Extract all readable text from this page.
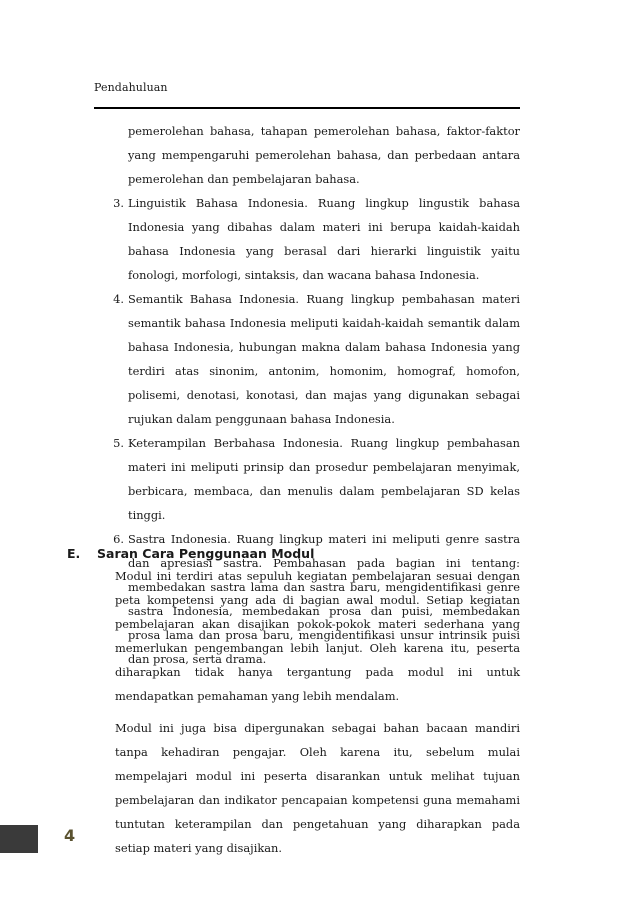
Pendahuluan
pemerolehan bahasa, tahapan pemerolehan bahasa, faktor-faktor yang mempengaruhi pemerolehan bahasa, dan perbedaan antara pemerolehan dan pembelajaran bahasa.
3. Linguistik Bahasa Indonesia. Ruang lingkup lingustik bahasa Indonesia yang dibahas dalam materi ini berupa kaidah-kaidah bahasa Indonesia yang berasal dari hierarki linguistik yaitu fonologi, morfologi, sintaksis, dan wacana bahasa Indonesia.
4. Semantik Bahasa Indonesia. Ruang lingkup pembahasan materi semantik bahasa Indonesia meliputi kaidah-kaidah semantik dalam bahasa Indonesia, hubungan makna dalam bahasa Indonesia yang terdiri atas sinonim, antonim, homonim, homograf, homofon, polisemi, denotasi, konotasi, dan majas yang digunakan sebagai rujukan dalam penggunaan bahasa Indonesia.
5. Keterampilan Berbahasa Indonesia. Ruang lingkup pembahasan materi ini meliputi prinsip dan prosedur pembelajaran menyimak, berbicara, membaca, dan menulis dalam pembelajaran SD kelas tinggi.
6. Sastra Indonesia. Ruang lingkup materi ini meliputi genre sastra dan apresiasi sastra. Pembahasan pada bagian ini tentang: membedakan sastra lama dan sastra baru, mengidentifikasi genre sastra Indonesia, membedakan prosa dan puisi, membedakan prosa lama dan prosa baru, mengidentifikasi unsur intrinsik puisi dan prosa, serta drama.
E. Saran Cara Penggunaan Modul
Modul ini terdiri atas sepuluh kegiatan pembelajaran sesuai dengan peta kompetensi yang ada di bagian awal modul. Setiap kegiatan pembelajaran akan disajikan pokok-pokok materi sederhana yang memerlukan pengembangan lebih lanjut. Oleh karena itu, peserta diharapkan tidak hanya tergantung pada modul ini untuk mendapatkan pemahaman yang lebih mendalam.
Modul ini juga bisa dipergunakan sebagai bahan bacaan mandiri tanpa kehadiran pengajar. Oleh karena itu, sebelum mulai mempelajari modul ini peserta disarankan untuk melihat tujuan pembelajaran dan indikator pencapaian kompetensi guna memahami tuntutan keterampilan dan pengetahuan yang diharapkan pada setiap materi yang disajikan.
4
